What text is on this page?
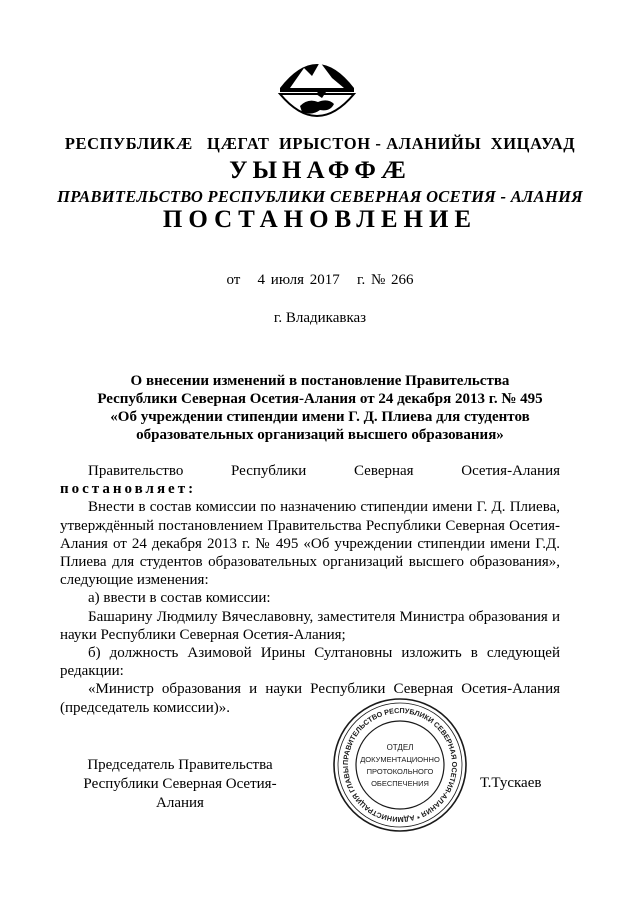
РЕСПУБЛИКӔ   ЦӔГАТ  ИРЫСТОН - АЛАНИЙЫ  ХИЦАУАД
УЫНАФФӔ
ПРАВИТЕЛЬСТВО РЕСПУБЛИКИ СЕВЕРНАЯ ОСЕТИЯ - АЛАНИЯ
ПОСТАНОВЛЕНИЕ
от   4 июля 2017   г. № 266
г. Владикавказ
О внесении изменений в постановление Правительства
Республики Северная Осетия-Алания от 24 декабря 2013 г. № 495
«Об учреждении стипендии имени Г. Д. Плиева для студентов
образовательных организаций высшего образования»

Правительство Республики Северная Осетия-Алания постановляет:

Внести в состав комиссии по назначению стипендии имени Г. Д. Плиева, утверждённый постановлением Правительства Республики Северная Осетия-Алания от 24 декабря 2013 г. № 495 «Об учреждении стипендии имени Г.Д. Плиева для студентов образовательных организаций высшего образования», следующие изменения:

а) ввести в состав комиссии:

Башарину Людмилу Вячеславовну, заместителя Министра образования и науки Республики Северная Осетия-Алания;

б) должность Азимовой Ирины Султановны изложить в следующей редакции:

«Министр образования и науки Республики Северная Осетия-Алания (председатель комиссии)».

Председатель Правительства
Республики Северная Осетия-Алания
Т.Тускаев
ПРАВИТЕЛЬСТВО РЕСПУБЛИКИ СЕВЕРНАЯ ОСЕТИЯ-АЛАНИЯ * АДМИНИСТРАЦИЯ ГЛАВЫ
ОТДЕЛ
ДОКУМЕНТАЦИОННО
ПРОТОКОЛЬНОГО
ОБЕСПЕЧЕНИЯ
